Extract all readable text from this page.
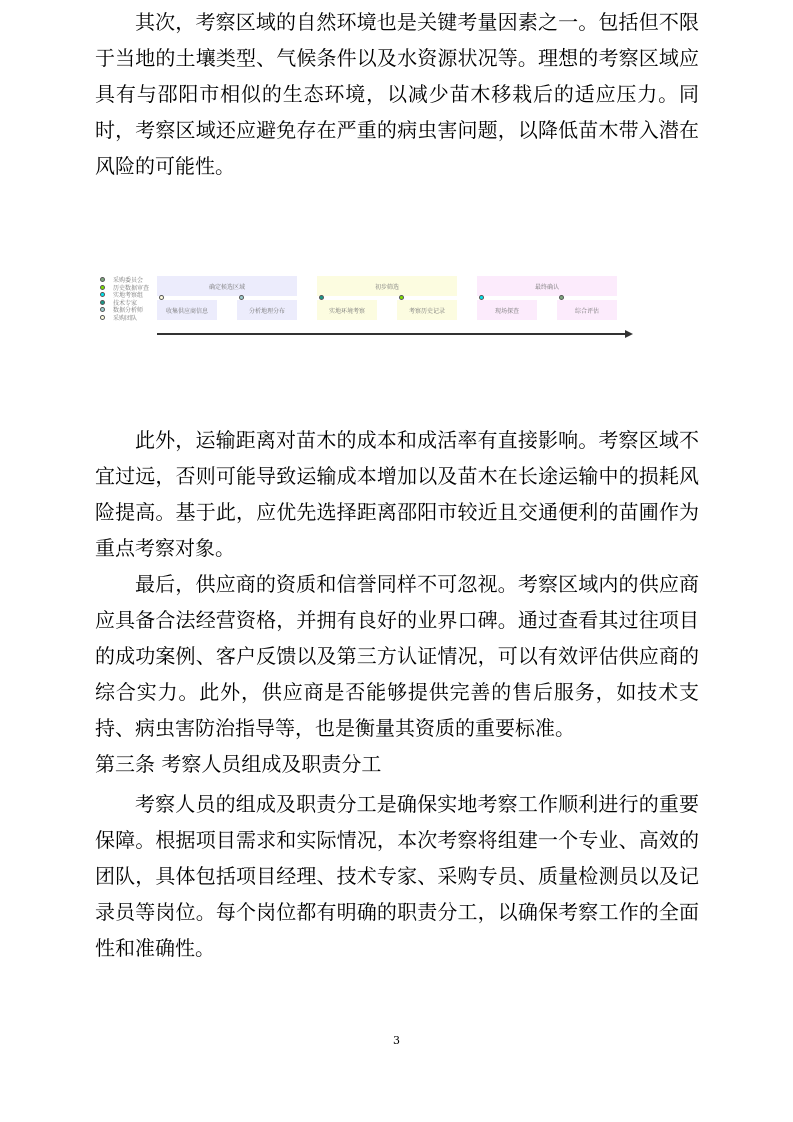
其次，考察区域的自然环境也是关键考量因素之一。包括但不限于当地的土壤类型、气候条件以及水资源状况等。理想的考察区域应具有与邵阳市相似的生态环境，以减少苗木移栽后的适应压力。同时，考察区域还应避免存在严重的病虫害问题，以降低苗木带入潜在风险的可能性。

采购委员会
历史数据审查
实地考察组
技术专家
数据分析师
采购团队
确定候选区域	初步筛选	最终确认
收集供应商信息	分析地理分布	实地环境考察	考察历史记录	现场探查	综合评估

此外，运输距离对苗木的成本和成活率有直接影响。考察区域不宜过远，否则可能导致运输成本增加以及苗木在长途运输中的损耗风险提高。基于此，应优先选择距离邵阳市较近且交通便利的苗圃作为重点考察对象。

最后，供应商的资质和信誉同样不可忽视。考察区域内的供应商应具备合法经营资格，并拥有良好的业界口碑。通过查看其过往项目的成功案例、客户反馈以及第三方认证情况，可以有效评估供应商的综合实力。此外，供应商是否能够提供完善的售后服务，如技术支持、病虫害防治指导等，也是衡量其资质的重要标准。

第三条 考察人员组成及职责分工

考察人员的组成及职责分工是确保实地考察工作顺利进行的重要保障。根据项目需求和实际情况，本次考察将组建一个专业、高效的团队，具体包括项目经理、技术专家、采购专员、质量检测员以及记录员等岗位。每个岗位都有明确的职责分工，以确保考察工作的全面性和准确性。

3
